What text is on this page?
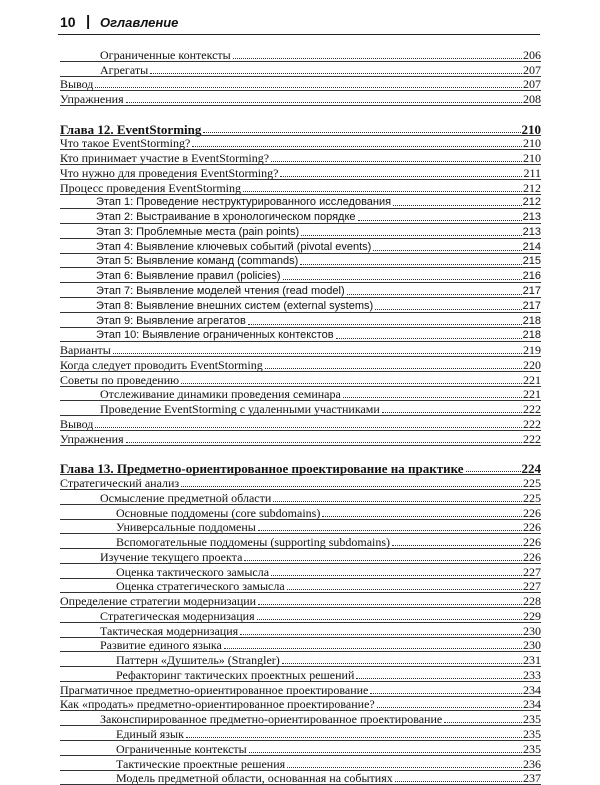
10 | Оглавление
Ограниченные контексты	206
Агрегаты	207
Вывод	207
Упражнения	208
Глава 12. EventStorming	210
Что такое EventStorming?	210
Кто принимает участие в EventStorming?	210
Что нужно для проведения EventStorming?	211
Процесс проведения EventStorming	212
Этап 1: Проведение неструктурированного исследования	212
Этап 2: Выстраивание в хронологическом порядке	213
Этап 3: Проблемные места (pain points)	213
Этап 4: Выявление ключевых событий (pivotal events)	214
Этап 5: Выявление команд (commands)	215
Этап 6: Выявление правил (policies)	216
Этап 7: Выявление моделей чтения (read model)	217
Этап 8: Выявление внешних систем (external systems)	217
Этап 9: Выявление агрегатов	218
Этап 10: Выявление ограниченных контекстов	218
Варианты	219
Когда следует проводить EventStorming	220
Советы по проведению	221
Отслеживание динамики проведения семинара	221
Проведение EventStorming с удаленными участниками	222
Вывод	222
Упражнения	222
Глава 13. Предметно-ориентированное проектирование на практике	224
Стратегический анализ	225
Осмысление предметной области	225
Основные поддомены (core subdomains)	226
Универсальные поддомены	226
Вспомогательные поддомены (supporting subdomains)	226
Изучение текущего проекта	226
Оценка тактического замысла	227
Оценка стратегического замысла	227
Определение стратегии модернизации	228
Стратегическая модернизация	229
Тактическая модернизация	230
Развитие единого языка	230
Паттерн «Душитель» (Strangler)	231
Рефакторинг тактических проектных решений	233
Прагматичное предметно-ориентированное проектирование	234
Как «продать» предметно-ориентированное проектирование?	234
Законспирированное предметно-ориентированное проектирование	235
Единый язык	235
Ограниченные контексты	235
Тактические проектные решения	236
Модель предметной области, основанная на событиях	237
